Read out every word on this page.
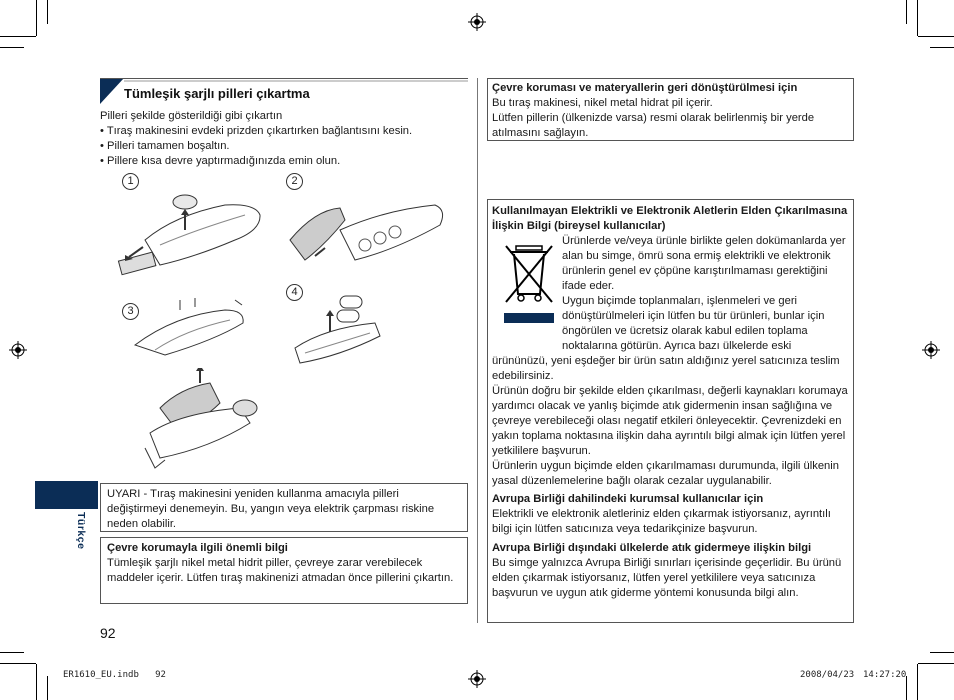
Tümleşik şarjlı pilleri çıkartma
Pilleri şekilde gösterildiği gibi çıkartın
• Tıraş makinesini evdeki prizden çıkartırken bağlantısını kesin.
• Pilleri tamamen boşaltın.
• Pillere kısa devre yaptırmadığınızda emin olun.
1	2
3
4
UYARI - Tıraş makinesini yeniden kullanma amacıyla pilleri değiştirmeyi denemeyin. Bu, yangın veya elektrik çarpması riskine neden olabilir.
Çevre korumayla ilgili önemli bilgi
Tümleşik şarjlı nikel metal hidrit piller, çevreye zarar verebilecek maddeler içerir. Lütfen tıraş makinenizi atmadan önce pillerini çıkartın.
Türkçe
92
Çevre koruması ve materyallerin geri dönüştürülmesi için
Bu tıraş makinesi, nikel metal hidrat pil içerir.
Lütfen pillerin (ülkenizde varsa) resmi olarak belirlenmiş bir yerde atılmasını sağlayın.
Kullanılmayan Elektrikli ve Elektronik Aletlerin Elden Çıkarılmasına İlişkin Bilgi (bireysel kullanıcılar)
Ürünlerde ve/veya ürünle birlikte gelen dokümanlarda yer alan bu simge, ömrü sona ermiş elektrikli ve elektronik ürünlerin genel ev çöpüne karıştırılmaması gerektiğini ifade eder.
Uygun biçimde toplanmaları, işlenmeleri ve geri dönüştürülmeleri için lütfen bu tür ürünleri, bunlar için öngörülen ve ücretsiz olarak kabul edilen toplama noktalarına götürün. Ayrıca bazı ülkelerde eski
ürününüzü, yeni eşdeğer bir ürün satın aldığınız yerel satıcınıza teslim edebilirsiniz.
Ürünün doğru bir şekilde elden çıkarılması, değerli kaynakları korumaya yardımcı olacak ve yanlış biçimde atık gidermenin insan sağlığına ve çevreye verebileceği olası negatif etkileri önleyecektir. Çevrenizdeki en yakın toplama noktasına ilişkin daha ayrıntılı bilgi almak için lütfen yerel yetkililere başvurun.
Ürünlerin uygun biçimde elden çıkarılmaması durumunda, ilgili ülkenin yasal düzenlemelerine bağlı olarak cezalar uygulanabilir.
Avrupa Birliği dahilindeki kurumsal kullanıcılar için
Elektrikli ve elektronik aletleriniz elden çıkarmak istiyorsanız, ayrıntılı bilgi için lütfen satıcınıza veya tedarikçinize başvurun.
Avrupa Birliği dışındaki ülkelerde atık gidermeye ilişkin bilgi
Bu simge yalnızca Avrupa Birliği sınırları içerisinde geçerlidir. Bu ürünü elden çıkarmak istiyorsanız, lütfen yerel yetkililere veya satıcınıza başvurun ve uygun atık giderme yöntemi konusunda bilgi alın.
ER1610_EU.indb   92	2008/04/23 14:27:20
